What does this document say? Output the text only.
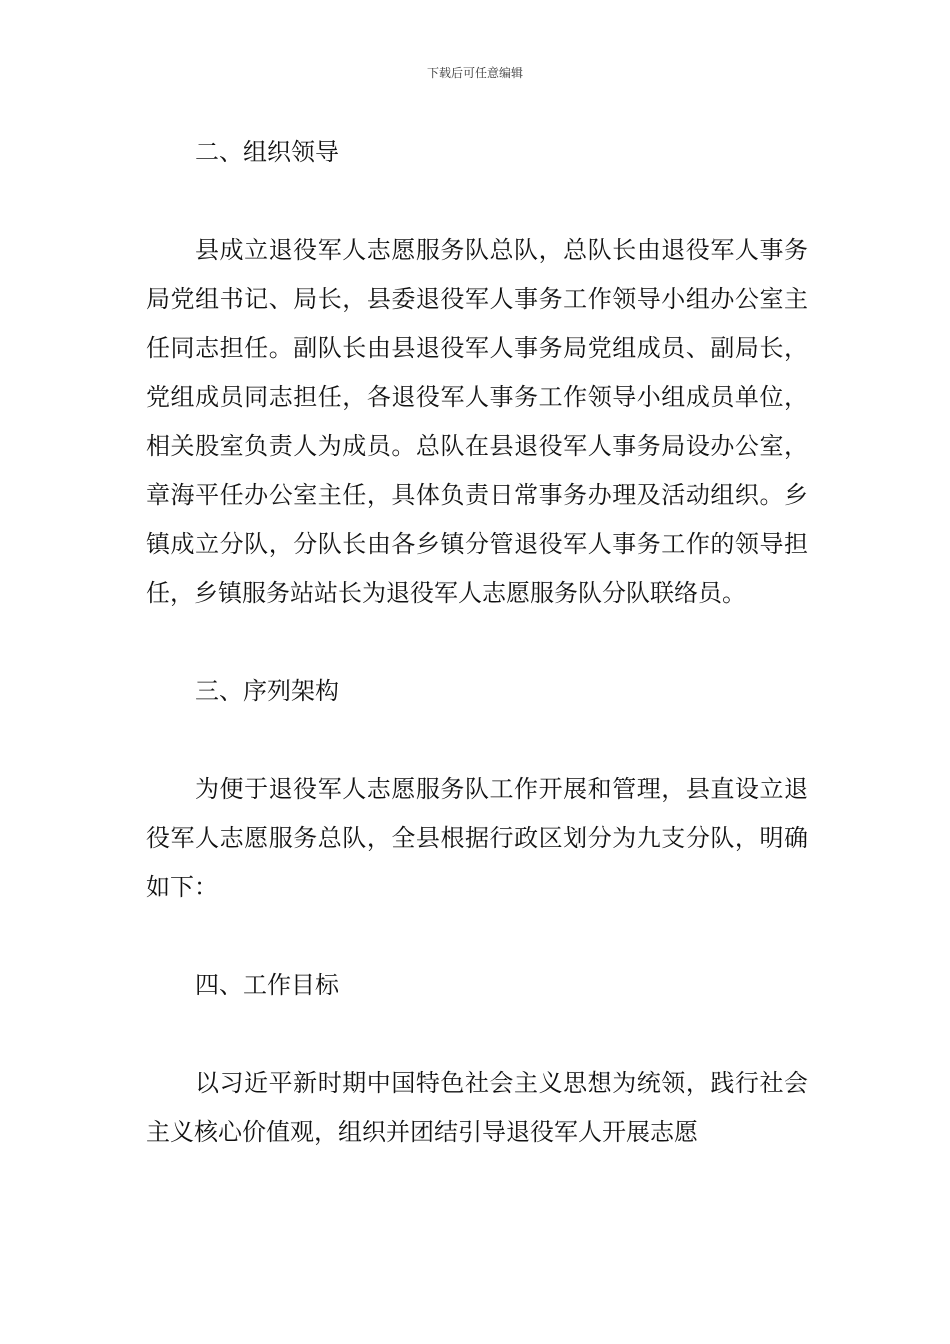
下载后可任意编辑

二、组织领导

县成立退役军人志愿服务队总队，总队长由退役军人事务局党组书记、局长，县委退役军人事务工作领导小组办公室主任同志担任。副队长由县退役军人事务局党组成员、副局长，党组成员同志担任，各退役军人事务工作领导小组成员单位，相关股室负责人为成员。总队在县退役军人事务局设办公室，章海平任办公室主任，具体负责日常事务办理及活动组织。乡镇成立分队，分队长由各乡镇分管退役军人事务工作的领导担任，乡镇服务站站长为退役军人志愿服务队分队联络员。

三、序列架构

为便于退役军人志愿服务队工作开展和管理，县直设立退役军人志愿服务总队，全县根据行政区划分为九支分队，明确如下：

四、工作目标

以习近平新时期中国特色社会主义思想为统领，践行社会主义核心价值观，组织并团结引导退役军人开展志愿
